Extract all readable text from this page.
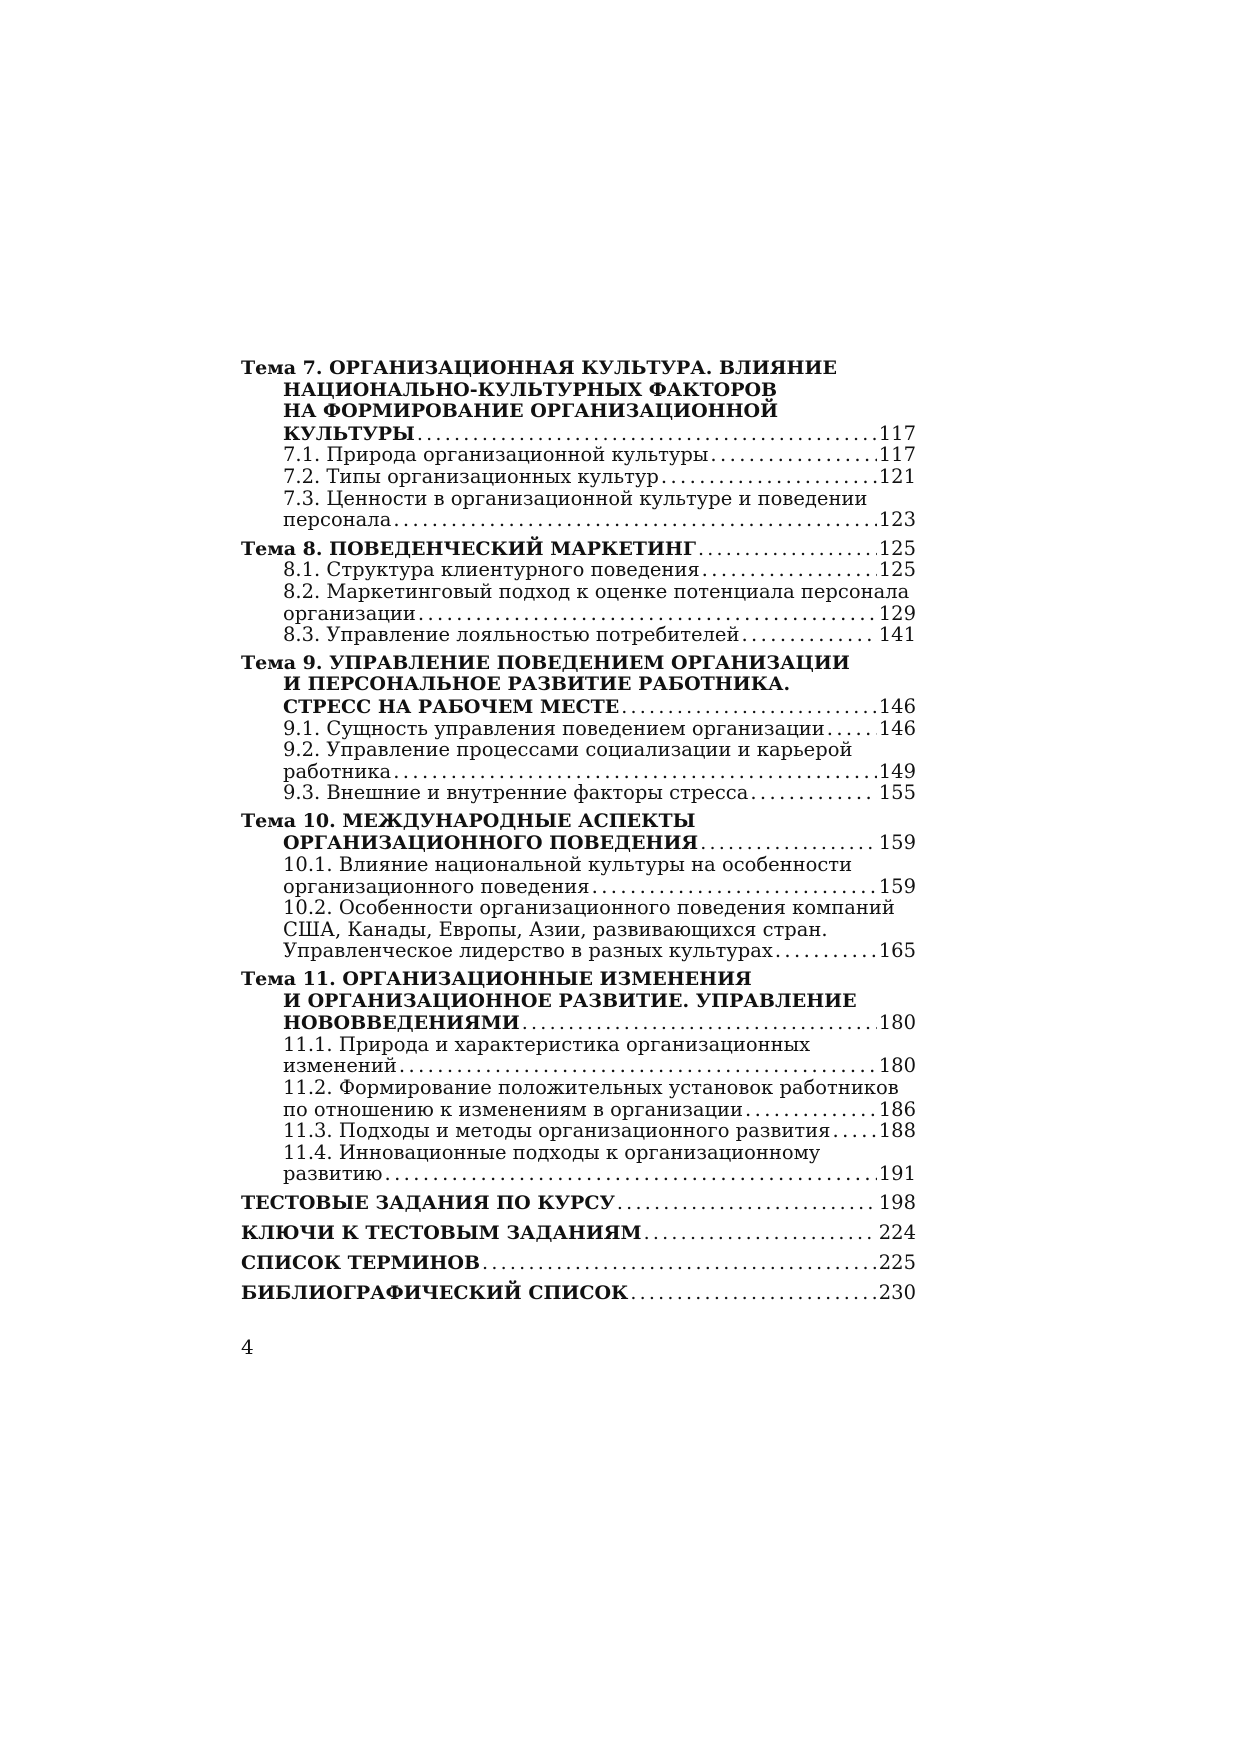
Тема 7. ОРГАНИЗАЦИОННАЯ КУЛЬТУРА. ВЛИЯНИЕ
НАЦИОНАЛЬНО-КУЛЬТУРНЫХ ФАКТОРОВ
НА ФОРМИРОВАНИЕ ОРГАНИЗАЦИОННОЙ
КУЛЬТУРЫ . . .	117
7.1. Природа организационной культуры . . .	117
7.2. Типы организационных культур . . .	121
7.3. Ценности в организационной культуре и поведении
персонала . . .	123
Тема 8. ПОВЕДЕНЧЕСКИЙ МАРКЕТИНГ . . .	125
8.1. Структура клиентурного поведения . . .	125
8.2. Маркетинговый подход к оценке потенциала персонала
организации . . .	129
8.3. Управление лояльностью потребителей . . .	141
Тема 9. УПРАВЛЕНИЕ ПОВЕДЕНИЕМ ОРГАНИЗАЦИИ
И ПЕРСОНАЛЬНОЕ РАЗВИТИЕ РАБОТНИКА.
СТРЕСС НА РАБОЧЕМ МЕСТЕ . . .	146
9.1. Сущность управления поведением организации . . .	146
9.2. Управление процессами социализации и карьерой
работника . . .	149
9.3. Внешние и внутренние факторы стресса . . .	155
Тема 10. МЕЖДУНАРОДНЫЕ АСПЕКТЫ
ОРГАНИЗАЦИОННОГО ПОВЕДЕНИЯ . . .	159
10.1. Влияние национальной культуры на особенности
организационного поведения . . .	159
10.2. Особенности организационного поведения компаний
США, Канады, Европы, Азии, развивающихся стран.
Управленческое лидерство в разных культурах . . .	165
Тема 11. ОРГАНИЗАЦИОННЫЕ ИЗМЕНЕНИЯ
И ОРГАНИЗАЦИОННОЕ РАЗВИТИЕ. УПРАВЛЕНИЕ
НОВОВВЕДЕНИЯМИ . . .	180
11.1. Природа и характеристика организационных
изменений . . .	180
11.2. Формирование положительных установок работников
по отношению к изменениям в организации . . .	186
11.3. Подходы и методы организационного развития . . . 188
11.4. Инновационные подходы к организационному
развитию . . .	191
ТЕСТОВЫЕ ЗАДАНИЯ ПО КУРСУ . . .	198
КЛЮЧИ К ТЕСТОВЫМ ЗАДАНИЯМ . . .	224
СПИСОК ТЕРМИНОВ . . .	225
БИБЛИОГРАФИЧЕСКИЙ СПИСОК . . .	230
4
